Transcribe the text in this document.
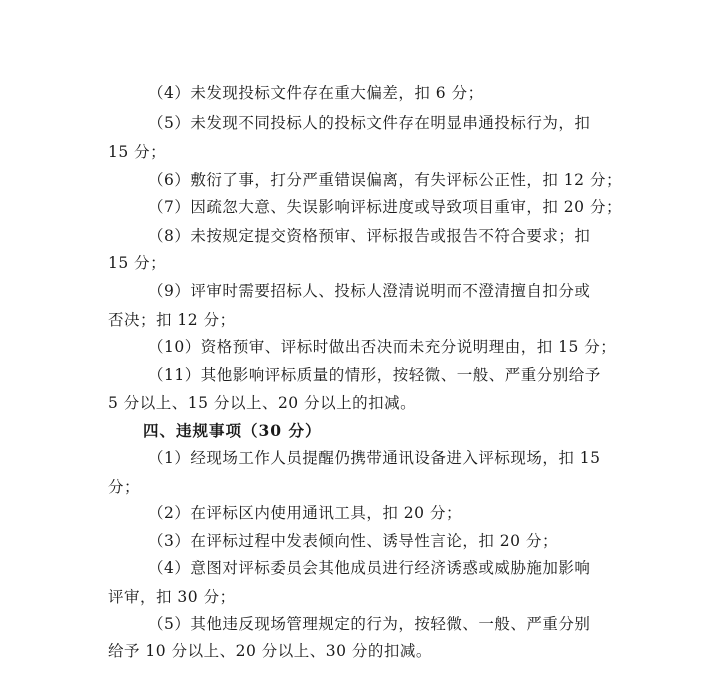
（4）未发现投标文件存在重大偏差，扣 6 分；
（5）未发现不同投标人的投标文件存在明显串通投标行为，扣
15 分；
（6）敷衍了事，打分严重错误偏离，有失评标公正性，扣 12 分；
（7）因疏忽大意、失误影响评标进度或导致项目重审，扣 20 分；
（8）未按规定提交资格预审、评标报告或报告不符合要求；扣
15 分；
（9）评审时需要招标人、投标人澄清说明而不澄清擅自扣分或
否决；扣 12 分；
（10）资格预审、评标时做出否决而未充分说明理由，扣 15 分；
（11）其他影响评标质量的情形，按轻微、一般、严重分别给予
5 分以上、15 分以上、20 分以上的扣减。
四、违规事项（30 分）
（1）经现场工作人员提醒仍携带通讯设备进入评标现场，扣 15
分；
（2）在评标区内使用通讯工具，扣 20 分；
（3）在评标过程中发表倾向性、诱导性言论，扣 20 分；
（4）意图对评标委员会其他成员进行经济诱惑或威胁施加影响
评审，扣 30 分；
（5）其他违反现场管理规定的行为，按轻微、一般、严重分别
给予 10 分以上、20 分以上、30 分的扣减。
